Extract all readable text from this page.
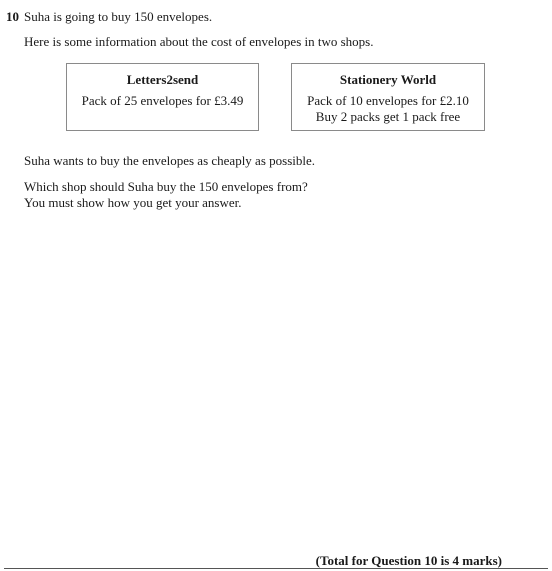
10 Suha is going to buy 150 envelopes.
Here is some information about the cost of envelopes in two shops.
Letters2send
Pack of 25 envelopes for £3.49
Stationery World
Pack of 10 envelopes for £2.10
Buy 2 packs get 1 pack free
Suha wants to buy the envelopes as cheaply as possible.
Which shop should Suha buy the 150 envelopes from?
You must show how you get your answer.
(Total for Question 10 is 4 marks)
